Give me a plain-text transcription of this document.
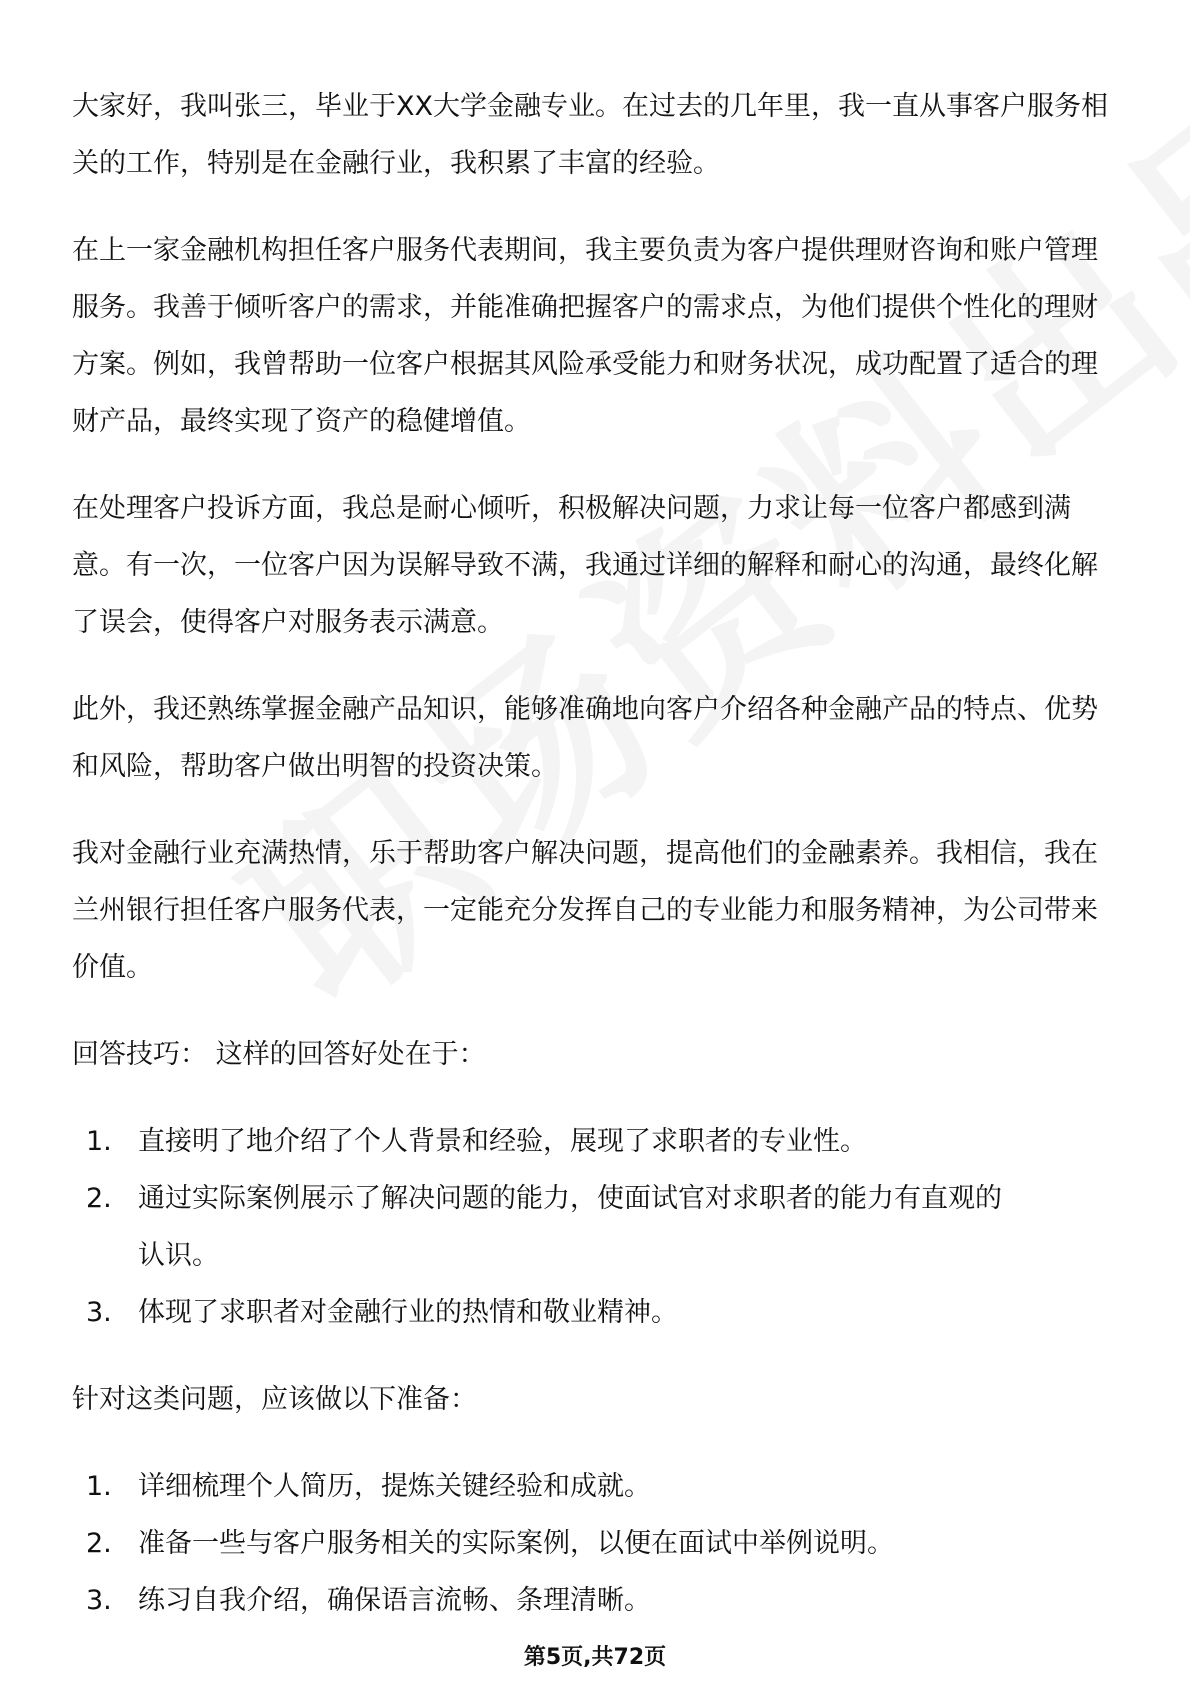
大家好，我叫张三，毕业于XX大学金融专业。在过去的几年里，我一直从事客户服务相关的工作，特别是在金融行业，我积累了丰富的经验。

在上一家金融机构担任客户服务代表期间，我主要负责为客户提供理财咨询和账户管理服务。我善于倾听客户的需求，并能准确把握客户的需求点，为他们提供个性化的理财方案。例如，我曾帮助一位客户根据其风险承受能力和财务状况，成功配置了适合的理财产品，最终实现了资产的稳健增值。

在处理客户投诉方面，我总是耐心倾听，积极解决问题，力求让每一位客户都感到满意。有一次，一位客户因为误解导致不满，我通过详细的解释和耐心的沟通，最终化解了误会，使得客户对服务表示满意。

此外，我还熟练掌握金融产品知识，能够准确地向客户介绍各种金融产品的特点、优势和风险，帮助客户做出明智的投资决策。

我对金融行业充满热情，乐于帮助客户解决问题，提高他们的金融素养。我相信，我在兰州银行担任客户服务代表，一定能充分发挥自己的专业能力和服务精神，为公司带来价值。

回答技巧： 这样的回答好处在于：

1. 直接明了地介绍了个人背景和经验，展现了求职者的专业性。
2. 通过实际案例展示了解决问题的能力，使面试官对求职者的能力有直观的认识。
3. 体现了求职者对金融行业的热情和敬业精神。

针对这类问题，应该做以下准备：

1. 详细梳理个人简历，提炼关键经验和成就。
2. 准备一些与客户服务相关的实际案例，以便在面试中举例说明。
3. 练习自我介绍，确保语言流畅、条理清晰。
第5页,共72页
